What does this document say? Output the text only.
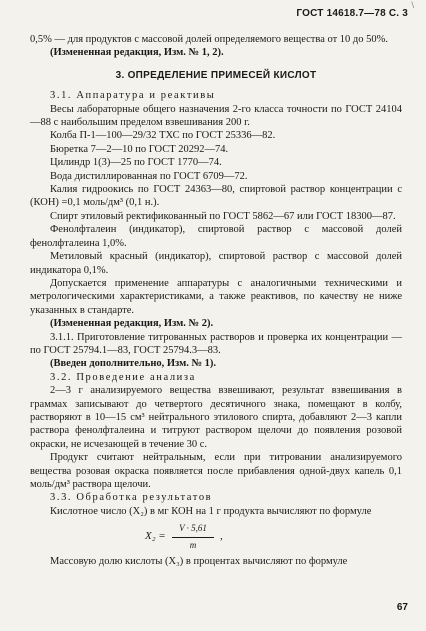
\
ГОСТ 14618.7—78 С. 3

0,5% — для продуктов с массовой долей определяемого вещества от 10 до 50%.

(Измененная редакция, Изм. № 1, 2).

3. ОПРЕДЕЛЕНИЕ ПРИМЕСЕЙ КИСЛОТ

3.1. Аппаратура и реактивы

Весы лабораторные общего назначения 2-го класса точности по ГОСТ 24104—88 с наибольшим пределом взвешивания 200 г.

Колба П-1—100—29/32 ТХС по ГОСТ 25336—82.

Бюретка 7—2—10 по ГОСТ 20292—74.

Цилиндр 1(3)—25 по ГОСТ 1770—74.

Вода дистиллированная по ГОСТ 6709—72.

Калия гидроокись по ГОСТ 24363—80, спиртовой раствор концентрации с (КОН) =0,1 моль/дм³ (0,1 н.).

Спирт этиловый ректификованный по ГОСТ 5862—67 или ГОСТ 18300—87.

Фенолфталеин (индикатор), спиртовой раствор с массовой долей фенолфталеина 1,0%.

Метиловый красный (индикатор), спиртовой раствор с массовой долей индикатора 0,1%.

Допускается применение аппаратуры с аналогичными техническими и метрологическими характеристиками, а также реактивов, по качеству не ниже указанных в стандарте.

(Измененная редакция, Изм. № 2).

3.1.1. Приготовление титрованных растворов и проверка их концентрации — по ГОСТ 25794.1—83, ГОСТ 25794.3—83.

(Введен дополнительно, Изм. № 1).

3.2. Проведение анализа

2—3 г анализируемого вещества взвешивают, результат взвешивания в граммах записывают до четвертого десятичного знака, помещают в колбу, растворяют в 10—15 см³ нейтрального этилового спирта, добавляют 2—3 капли раствора фенолфталеина и титруют раствором щелочи до появления розовой окраски, не исчезающей в течение 30 с.

Продукт считают нейтральным, если при титровании анализируемого вещества розовая окраска появляется после прибавления одной-двух капель 0,1 моль/дм³ раствора щелочи.

3.3. Обработка результатов

Кислотное число (X₂) в мг КОН на 1 г продукта вычисляют по формуле

X₂ =
V · 5,61
m
,

Массовую долю кислоты (X₃) в процентах вычисляют по формуле

67
